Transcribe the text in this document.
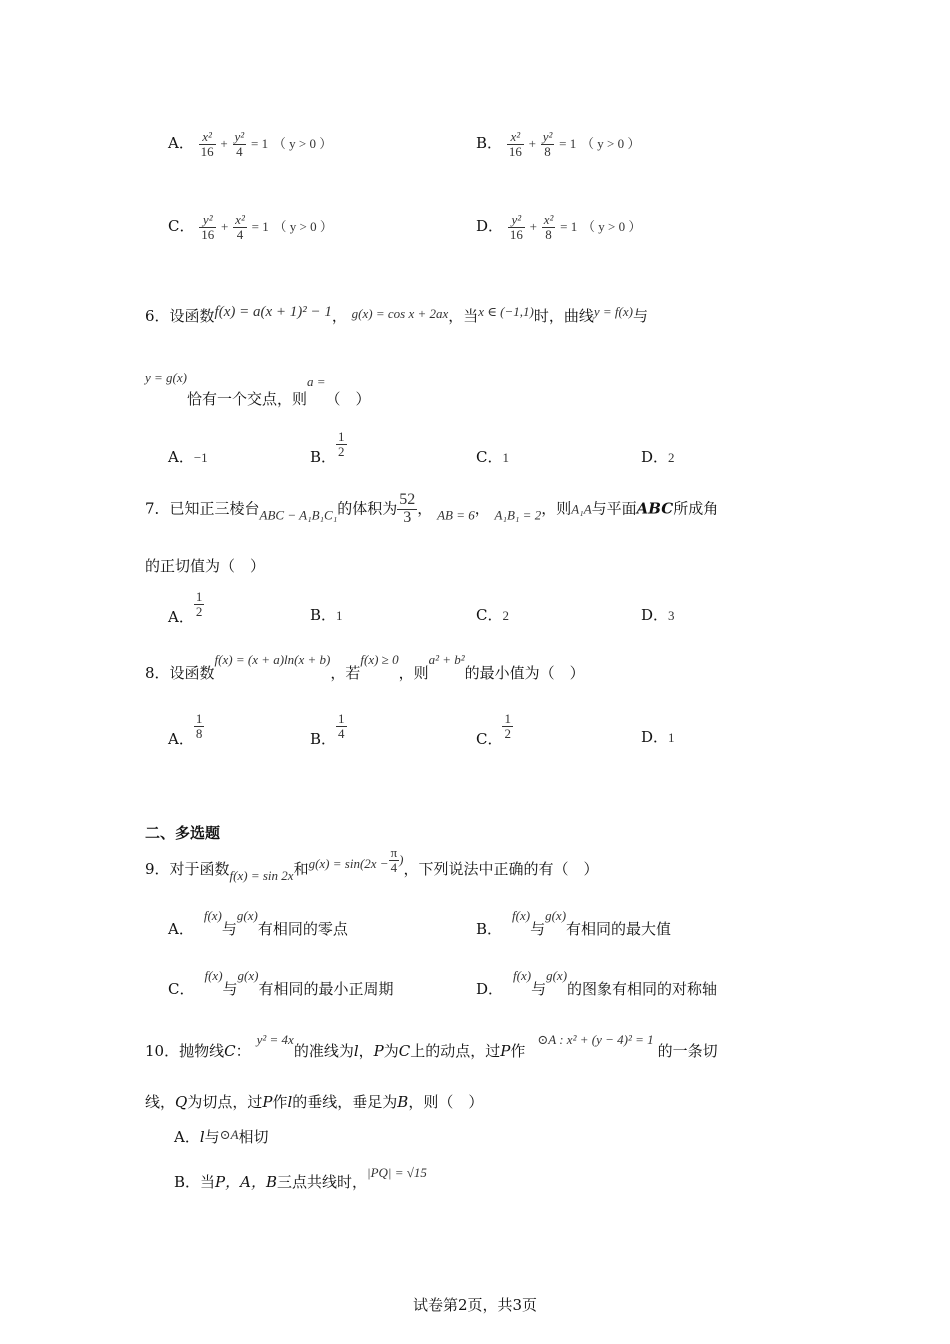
A． $\frac{\text{x²}}{16} + \frac{\text{y²}}{4} = 1$ （ y > 0 ）	B． $\frac{\text{x²}}{16} + \frac{\text{y²}}{8} = 1$ （ y > 0 ）
C． $\frac{\text{y²}}{16} + \frac{\text{x²}}{4} = 1$ （ y > 0 ）	D． $\frac{\text{y²}}{16} + \frac{\text{x²}}{8} = 1$ （ y > 0 ）
6．设函数f(x) = a(x + 1)² − 1， g(x) = cos x + 2ax，当x ∈ (−1,1)时，曲线y = f(x)与
y = g(x)恰有一个交点，则a =（　）
A．−1	B． $\frac{1}{2}$	C．1	D．2
7．已知正三棱台ABC − A₁B₁C₁的体积为 $\frac{52}{3}$ ， AB = 6， A₁B₁ = 2，则A₁A与平面ABC所成角
的正切值为（　）
A． $\frac{1}{2}$	B．1	C．2	D．3
8．设函数f(x) = (x + a)ln(x + b)，若f(x) ≥ 0，则a² + b²的最小值为（　）
A． $\frac{1}{8}$	B． $\frac{1}{4}$	C． $\frac{1}{2}$	D．1
二、多选题
9．对于函数f(x) = sin 2x和$g(x) = \sin(2x - \frac{\pi}{4}$ )，下列说法中正确的有（　）
A．f(x)与g(x)有相同的零点	B．f(x)与g(x)有相同的最大值
C．f(x)与g(x)有相同的最小正周期	D．f(x)与g(x)的图象有相同的对称轴
10．抛物线C：y² = 4x的准线为l，P为C上的动点，过P作⊙A : x² + (y − 4)² = 1的一条切
线，Q为切点，过P作l的垂线，垂足为B，则（　）
A．l与⊙A相切
B．当P，A，B三点共线时，|PQ| = √15
试卷第2页，共3页
